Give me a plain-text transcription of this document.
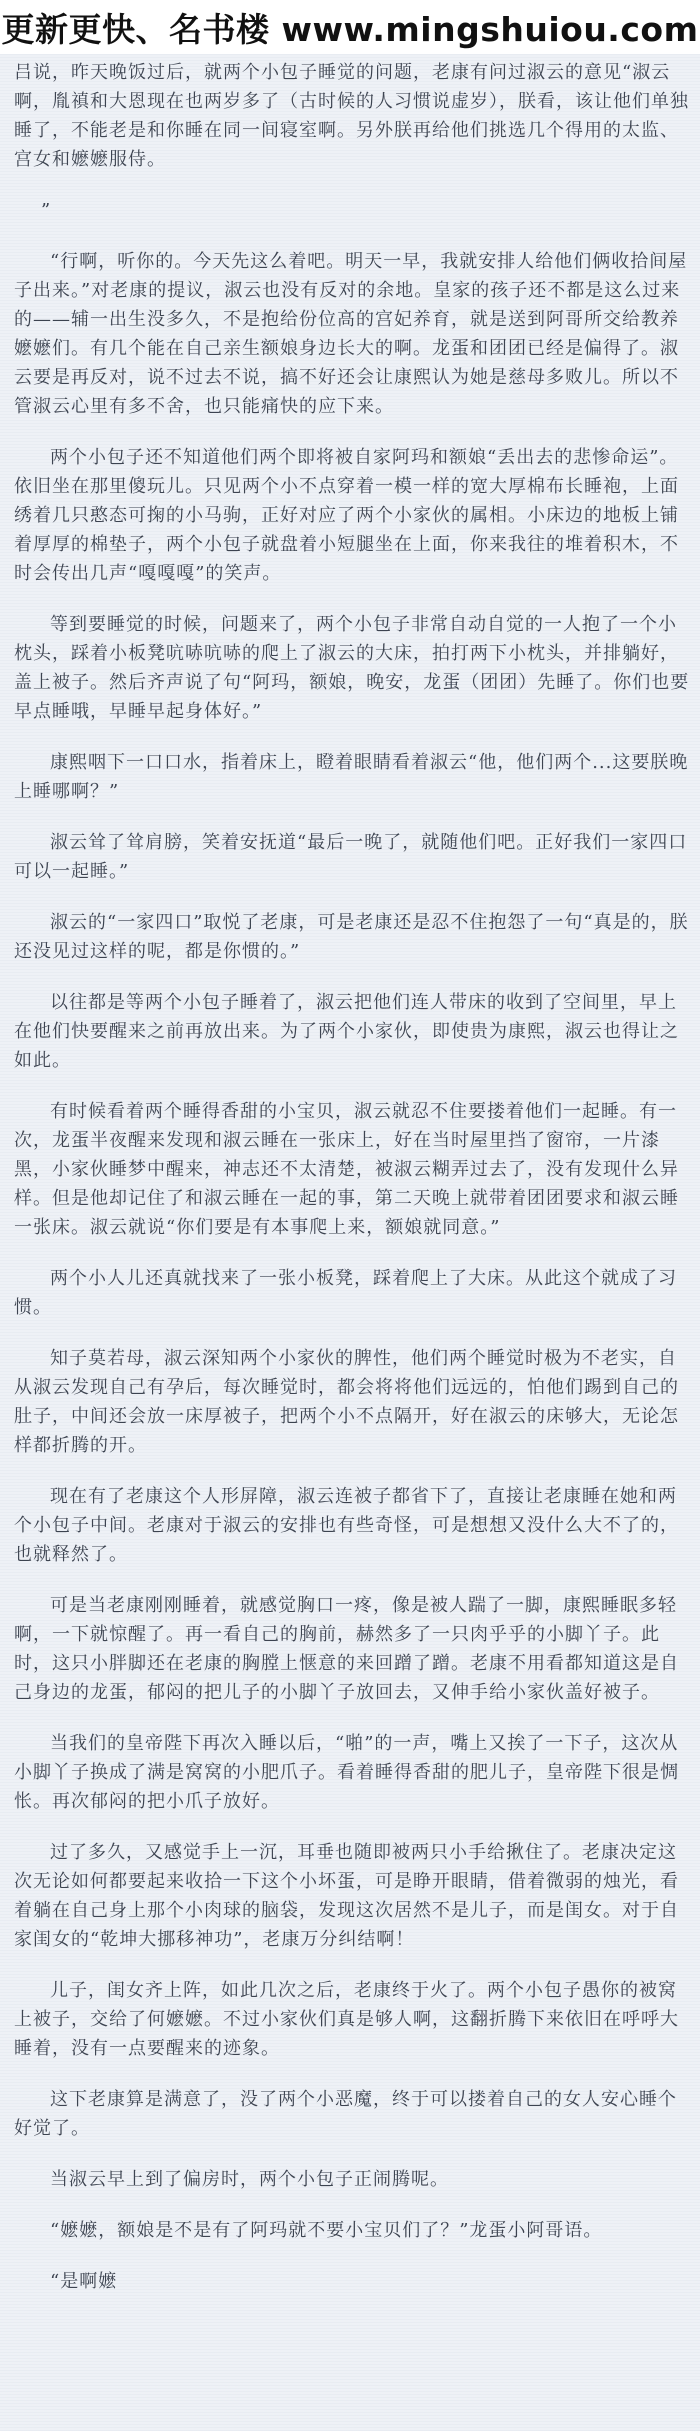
更新更快、名书楼 www.mingshuiou.com

吕说，昨天晚饭过后，就两个小包子睡觉的问题，老康有问过淑云的意见“淑云啊，胤禛和大恩现在也两岁多了（古时候的人习惯说虚岁），朕看，该让他们单独睡了，不能老是和你睡在同一间寝室啊。另外朕再给他们挑选几个得用的太监、宫女和嬷嬷服侍。

”

“行啊，听你的。今天先这么着吧。明天一早，我就安排人给他们俩收拾间屋子出来。”对老康的提议，淑云也没有反对的余地。皇家的孩子还不都是这么过来的——辅一出生没多久，不是抱给份位高的宫妃养育，就是送到阿哥所交给教养嬷嬷们。有几个能在自己亲生额娘身边长大的啊。龙蛋和团团已经是偏得了。淑云要是再反对，说不过去不说，搞不好还会让康熙认为她是慈母多败儿。所以不管淑云心里有多不舍，也只能痛快的应下来。

两个小包子还不知道他们两个即将被自家阿玛和额娘“丢出去的悲惨命运”。依旧坐在那里傻玩儿。只见两个小不点穿着一模一样的宽大厚棉布长睡袍，上面绣着几只憨态可掬的小马驹，正好对应了两个小家伙的属相。小床边的地板上铺着厚厚的棉垫子，两个小包子就盘着小短腿坐在上面，你来我往的堆着积木，不时会传出几声“嘎嘎嘎”的笑声。

等到要睡觉的时候，问题来了，两个小包子非常自动自觉的一人抱了一个小枕头，踩着小板凳吭哧吭哧的爬上了淑云的大床，拍打两下小枕头，并排躺好，盖上被子。然后齐声说了句“阿玛，额娘，晚安，龙蛋（团团）先睡了。你们也要早点睡哦，早睡早起身体好。”

康熙咽下一口口水，指着床上，瞪着眼睛看着淑云“他，他们两个...这要朕晚上睡哪啊？”

淑云耸了耸肩膀，笑着安抚道“最后一晚了，就随他们吧。正好我们一家四口可以一起睡。”

淑云的“一家四口”取悦了老康，可是老康还是忍不住抱怨了一句“真是的，朕还没见过这样的呢，都是你惯的。”

以往都是等两个小包子睡着了，淑云把他们连人带床的收到了空间里，早上在他们快要醒来之前再放出来。为了两个小家伙，即使贵为康熙，淑云也得让之如此。

有时候看着两个睡得香甜的小宝贝，淑云就忍不住要搂着他们一起睡。有一次，龙蛋半夜醒来发现和淑云睡在一张床上，好在当时屋里挡了窗帘，一片漆黑，小家伙睡梦中醒来，神志还不太清楚，被淑云糊弄过去了，没有发现什么异样。但是他却记住了和淑云睡在一起的事，第二天晚上就带着团团要求和淑云睡一张床。淑云就说“你们要是有本事爬上来，额娘就同意。”

两个小人儿还真就找来了一张小板凳，踩着爬上了大床。从此这个就成了习惯。

知子莫若母，淑云深知两个小家伙的脾性，他们两个睡觉时极为不老实，自从淑云发现自己有孕后，每次睡觉时，都会将将他们远远的，怕他们踢到自己的肚子，中间还会放一床厚被子，把两个小不点隔开，好在淑云的床够大，无论怎样都折腾的开。

现在有了老康这个人形屏障，淑云连被子都省下了，直接让老康睡在她和两个小包子中间。老康对于淑云的安排也有些奇怪，可是想想又没什么大不了的，也就释然了。

可是当老康刚刚睡着，就感觉胸口一疼，像是被人踹了一脚，康熙睡眠多轻啊，一下就惊醒了。再一看自己的胸前，赫然多了一只肉乎乎的小脚丫子。此时，这只小胖脚还在老康的胸膛上惬意的来回蹭了蹭。老康不用看都知道这是自己身边的龙蛋，郁闷的把儿子的小脚丫子放回去，又伸手给小家伙盖好被子。

当我们的皇帝陛下再次入睡以后，“啪”的一声，嘴上又挨了一下子，这次从小脚丫子换成了满是窝窝的小肥爪子。看着睡得香甜的肥儿子，皇帝陛下很是惆怅。再次郁闷的把小爪子放好。

过了多久，又感觉手上一沉，耳垂也随即被两只小手给揪住了。老康决定这次无论如何都要起来收拾一下这个小坏蛋，可是睁开眼睛，借着微弱的烛光，看着躺在自己身上那个小肉球的脑袋，发现这次居然不是儿子，而是闺女。对于自家闺女的“乾坤大挪移神功”，老康万分纠结啊！

儿子，闺女齐上阵，如此几次之后，老康终于火了。两个小包子愚你的被窝上被子，交给了何嬷嬷。不过小家伙们真是够人啊，这翻折腾下来依旧在呼呼大睡着，没有一点要醒来的迹象。

这下老康算是满意了，没了两个小恶魔，终于可以搂着自己的女人安心睡个好觉了。

当淑云早上到了偏房时，两个小包子正闹腾呢。

“嬷嬷，额娘是不是有了阿玛就不要小宝贝们了？”龙蛋小阿哥语。

“是啊嬷
